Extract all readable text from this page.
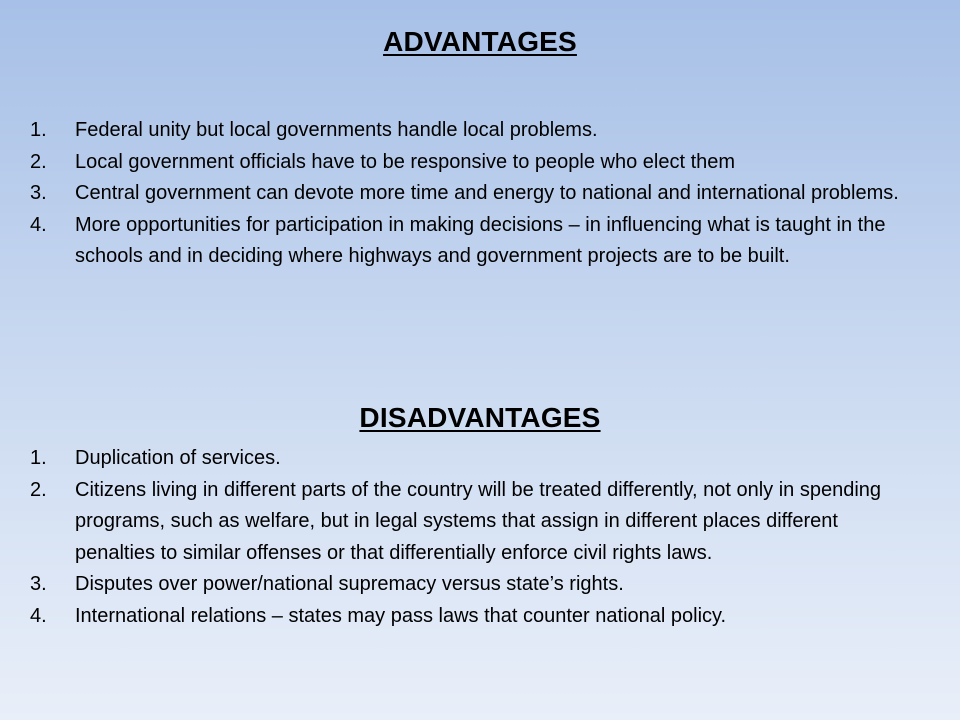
ADVANTAGES
1. Federal unity but local governments handle local problems.
2. Local government officials have to be responsive to people who elect them
3. Central government can devote more time and energy to national and international problems.
4. More opportunities for participation in making decisions – in influencing what is taught in the schools and in deciding where highways and government projects are to be built.
DISADVANTAGES
1. Duplication of services.
2. Citizens living in different parts of the country will be treated differently, not only in spending programs, such as welfare, but in legal systems that assign in different places different penalties to similar offenses or that differentially enforce civil rights laws.
3. Disputes over power/national supremacy versus state’s rights.
4. International relations – states may pass laws that counter national policy.
